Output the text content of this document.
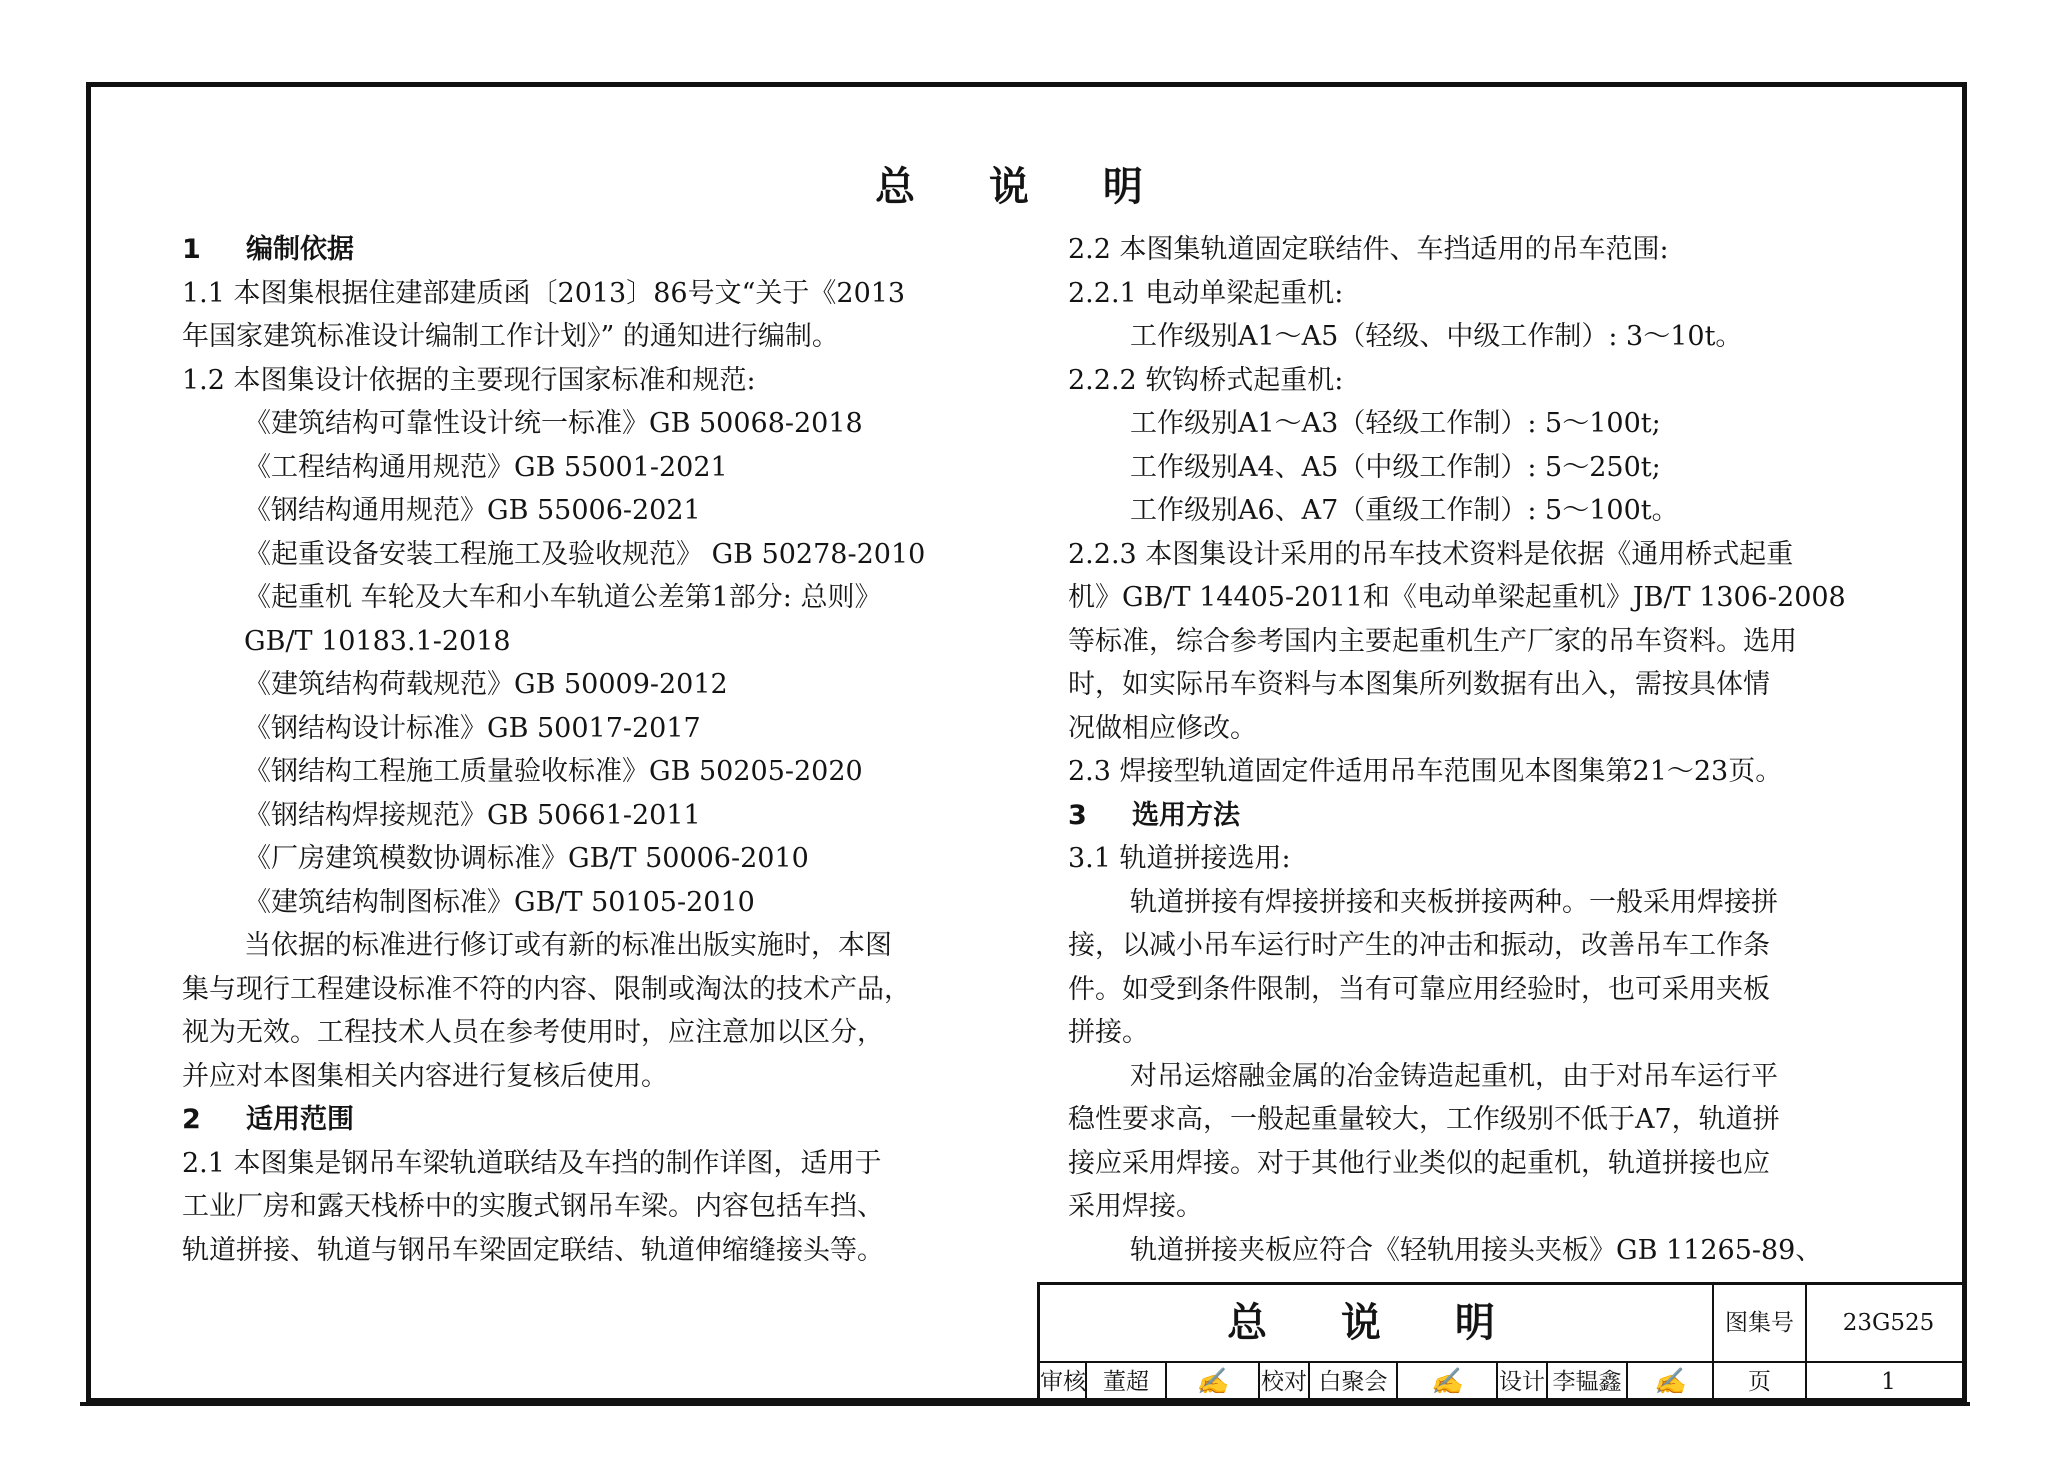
总 说 明
1 编制依据
1.1 本图集根据住建部建质函〔2013〕86号文“关于《2013
年国家建筑标准设计编制工作计划》” 的通知进行编制。
1.2 本图集设计依据的主要现行国家标准和规范:
《建筑结构可靠性设计统一标准》GB 50068-2018
《工程结构通用规范》GB 55001-2021
《钢结构通用规范》GB 55006-2021
《起重设备安装工程施工及验收规范》 GB 50278-2010
《起重机 车轮及大车和小车轨道公差第1部分: 总则》
GB/T 10183.1-2018
《建筑结构荷载规范》GB 50009-2012
《钢结构设计标准》GB 50017-2017
《钢结构工程施工质量验收标准》GB 50205-2020
《钢结构焊接规范》GB 50661-2011
《厂房建筑模数协调标准》GB/T 50006-2010
《建筑结构制图标准》GB/T 50105-2010
当依据的标准进行修订或有新的标准出版实施时，本图
集与现行工程建设标准不符的内容、限制或淘汰的技术产品，
视为无效。工程技术人员在参考使用时，应注意加以区分，
并应对本图集相关内容进行复核后使用。
2 适用范围
2.1 本图集是钢吊车梁轨道联结及车挡的制作详图，适用于
工业厂房和露天栈桥中的实腹式钢吊车梁。内容包括车挡、
轨道拼接、轨道与钢吊车梁固定联结、轨道伸缩缝接头等。
2.2 本图集轨道固定联结件、车挡适用的吊车范围:
2.2.1 电动单梁起重机:
工作级别A1～A5（轻级、中级工作制）: 3～10t。
2.2.2 软钩桥式起重机:
工作级别A1～A3（轻级工作制）: 5～100t;
工作级别A4、A5（中级工作制）: 5～250t;
工作级别A6、A7（重级工作制）: 5～100t。
2.2.3 本图集设计采用的吊车技术资料是依据《通用桥式起重
机》GB/T 14405-2011和《电动单梁起重机》JB/T 1306-2008
等标准，综合参考国内主要起重机生产厂家的吊车资料。选用
时，如实际吊车资料与本图集所列数据有出入，需按具体情
况做相应修改。
2.3 焊接型轨道固定件适用吊车范围见本图集第21～23页。
3 选用方法
3.1 轨道拼接选用:
轨道拼接有焊接拼接和夹板拼接两种。一般采用焊接拼
接，以减小吊车运行时产生的冲击和振动，改善吊车工作条
件。如受到条件限制，当有可靠应用经验时，也可采用夹板
拼接。
对吊运熔融金属的冶金铸造起重机，由于对吊车运行平
稳性要求高，一般起重量较大，工作级别不低于A7，轨道拼
接应采用焊接。对于其他行业类似的起重机，轨道拼接也应
采用焊接。
轨道拼接夹板应符合《轻轨用接头夹板》GB 11265-89、
总 说 明	图集号	23G525
审核 董超	✍	校对 白聚会	✍	设计 李韫鑫	✍	页	1
